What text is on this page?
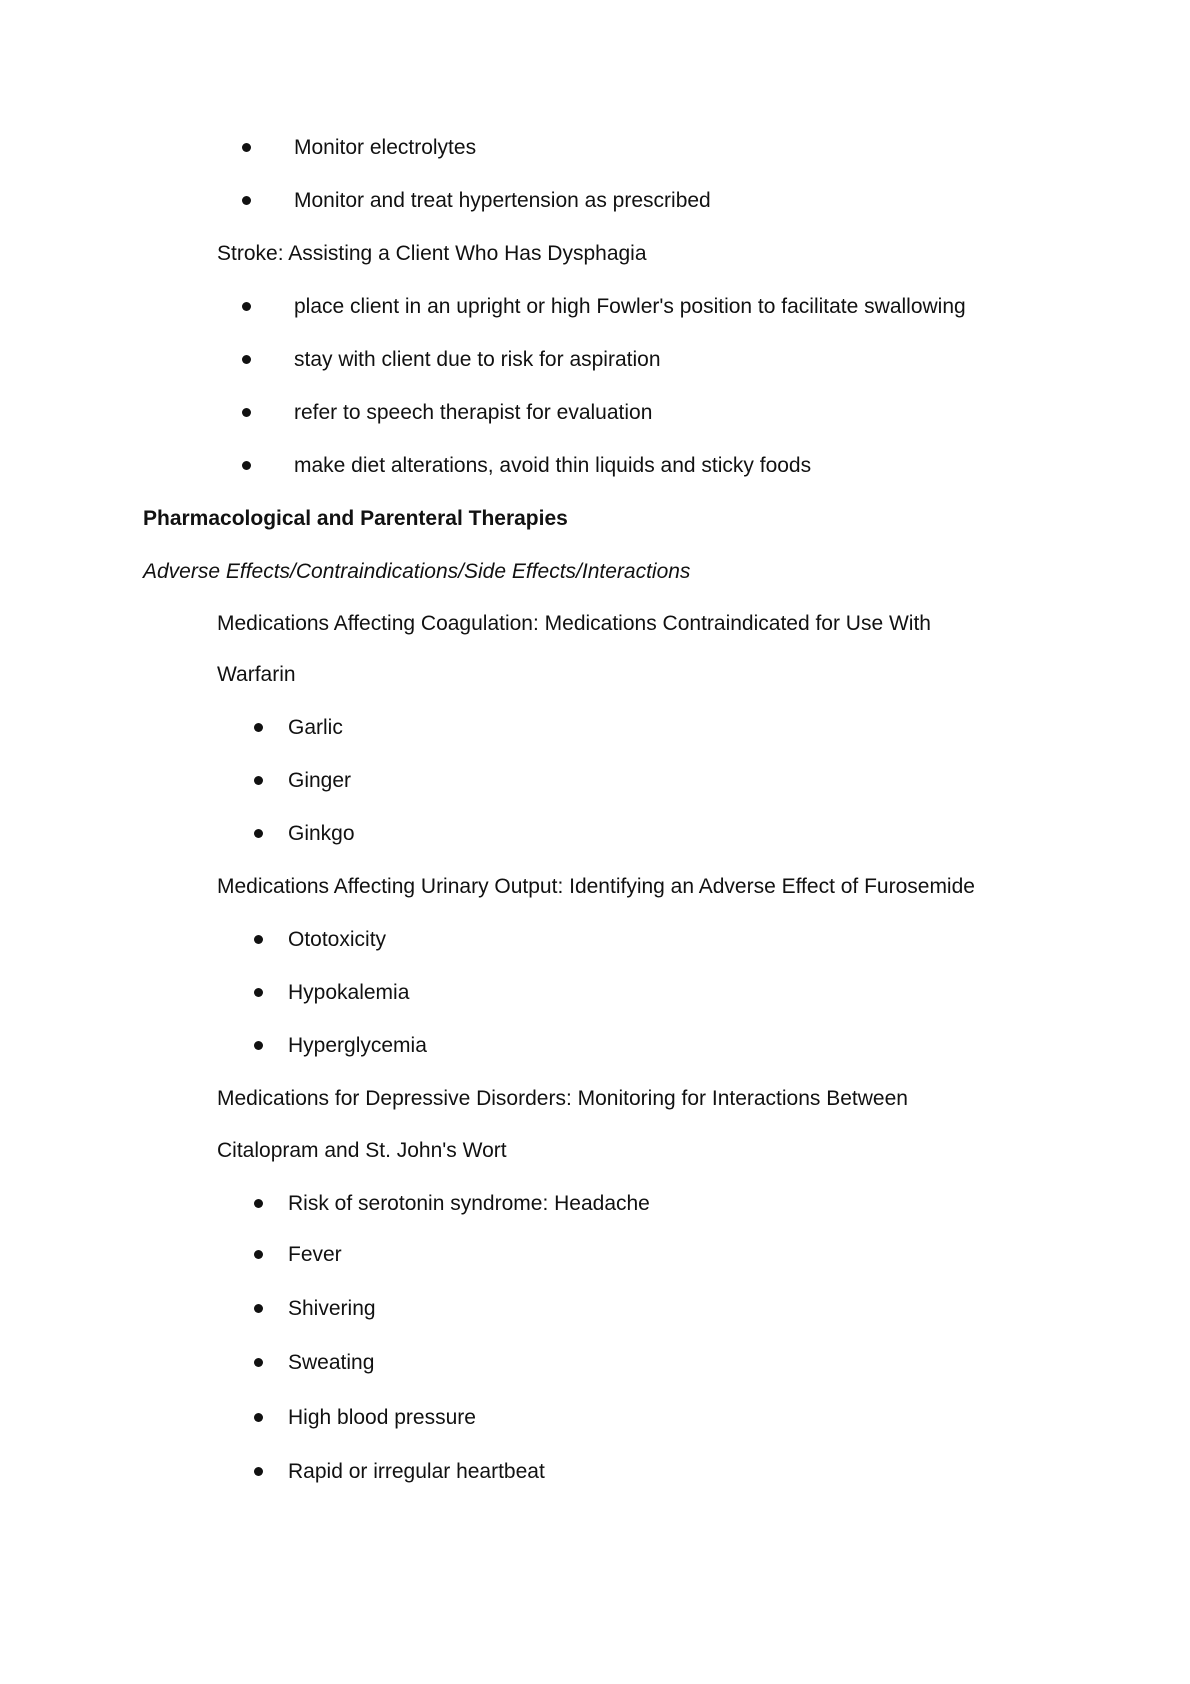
Monitor electrolytes
Monitor and treat hypertension as prescribed
Stroke: Assisting a Client Who Has Dysphagia
place client in an upright or high Fowler's position to facilitate swallowing
stay with client due to risk for aspiration
refer to speech therapist for evaluation
make diet alterations, avoid thin liquids and sticky foods
Pharmacological and Parenteral Therapies
Adverse Effects/Contraindications/Side Effects/Interactions
Medications Affecting Coagulation: Medications Contraindicated for Use With
Warfarin
Garlic
Ginger
Ginkgo
Medications Affecting Urinary Output: Identifying an Adverse Effect of Furosemide
Ototoxicity
Hypokalemia
Hyperglycemia
Medications for Depressive Disorders: Monitoring for Interactions Between
Citalopram and St. John's Wort
Risk of serotonin syndrome: Headache
Fever
Shivering
Sweating
High blood pressure
Rapid or irregular heartbeat
